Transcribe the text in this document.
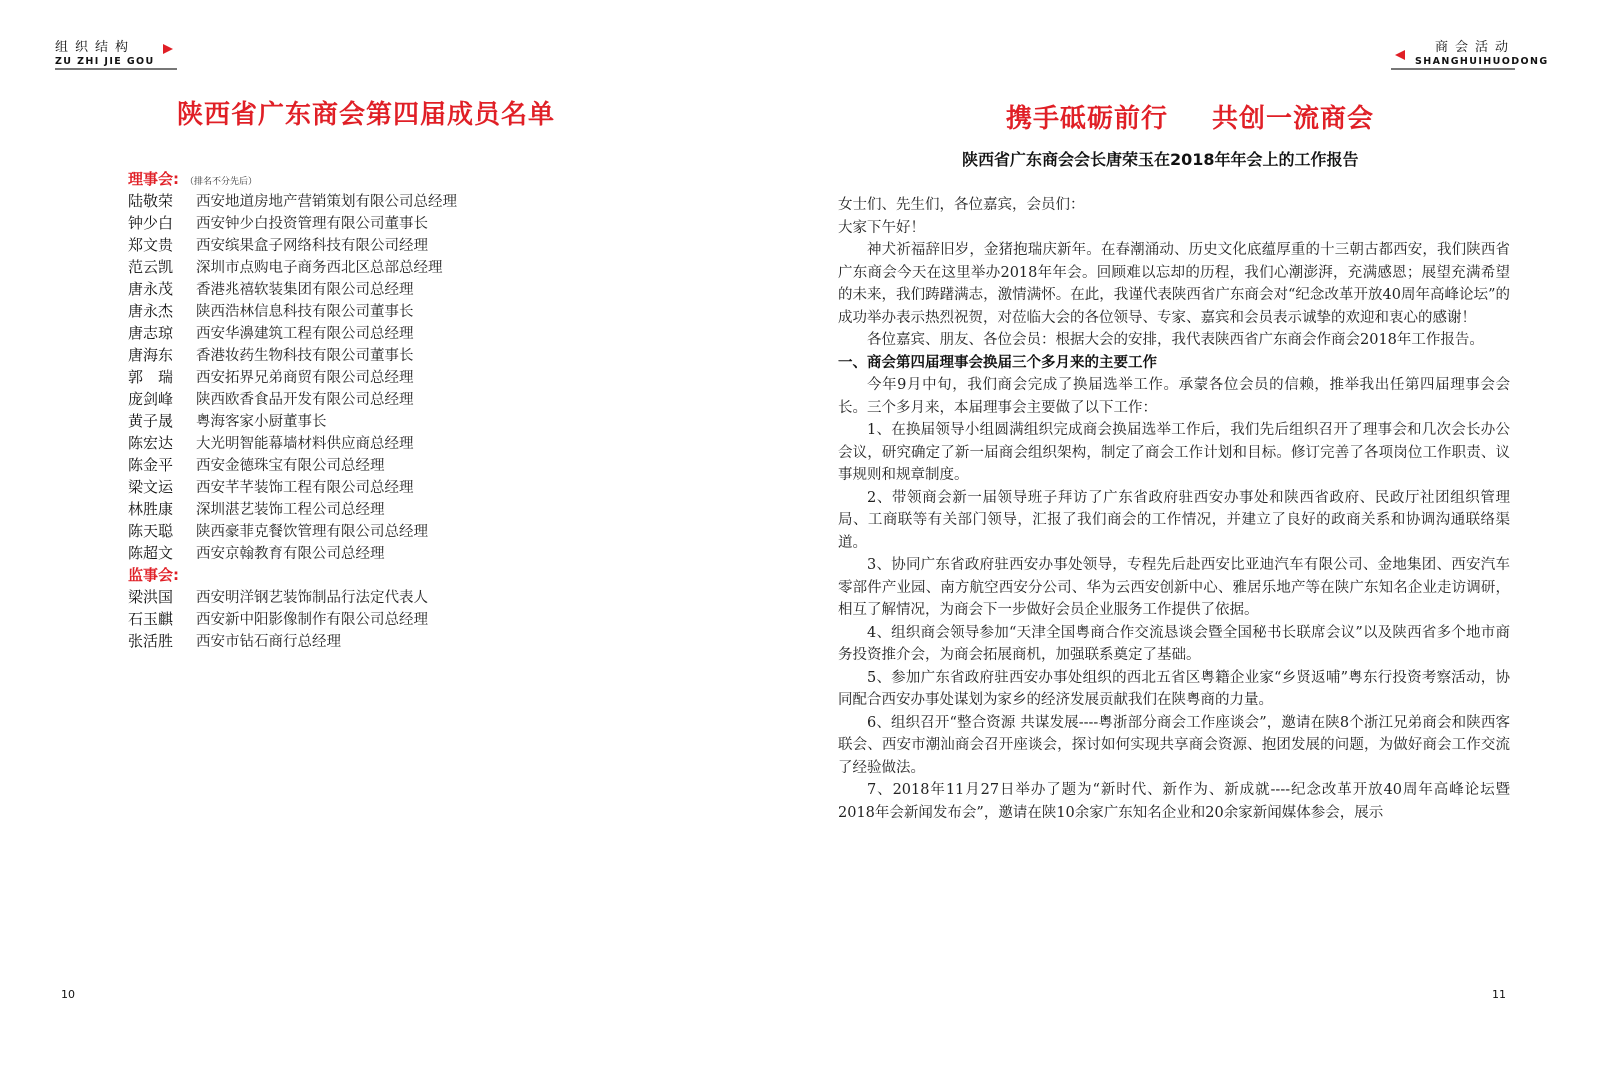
组织结构
ZU ZHI JIE GOU
陕西省广东商会第四届成员名单
理事会: （排名不分先后）
陆敬荣 西安地道房地产营销策划有限公司总经理
钟少白 西安钟少白投资管理有限公司董事长
郑文贵 西安缤果盒子网络科技有限公司经理
范云凯 深圳市点购电子商务西北区总部总经理
唐永茂 香港兆禧软装集团有限公司总经理
唐永杰 陕西浩林信息科技有限公司董事长
唐志琼 西安华濞建筑工程有限公司总经理
唐海东 香港妆药生物科技有限公司董事长
郭　瑞 西安拓界兄弟商贸有限公司总经理
庞剑峰 陕西欧香食品开发有限公司总经理
黄子晟 粤海客家小厨董事长
陈宏达 大光明智能幕墙材料供应商总经理
陈金平 西安金德珠宝有限公司总经理
梁文运 西安芊芊装饰工程有限公司总经理
林胜康 深圳湛艺装饰工程公司总经理
陈天聪 陕西豪菲克餐饮管理有限公司总经理
陈超文 西安京翰教育有限公司总经理
监事会:
梁洪国 西安明洋钢艺装饰制品行法定代表人
石玉麒 西安新中阳影像制作有限公司总经理
张活胜 西安市钻石商行总经理
10
商会活动
SHANGHUIHUODONG
携手砥砺前行 共创一流商会
陕西省广东商会会长唐荣玉在2018年年会上的工作报告

女士们、先生们，各位嘉宾，会员们：

大家下午好！

神犬祈福辞旧岁，金猪抱瑞庆新年。在春潮涌动、历史文化底蕴厚重的十三朝古都西安，我们陕西省广东商会今天在这里举办2018年年会。回顾难以忘却的历程，我们心潮澎湃，充满感恩；展望充满希望的未来，我们踌躇满志，激情满怀。在此，我谨代表陕西省广东商会对“纪念改革开放40周年高峰论坛”的成功举办表示热烈祝贺，对莅临大会的各位领导、专家、嘉宾和会员表示诚挚的欢迎和衷心的感谢！

各位嘉宾、朋友、各位会员：根据大会的安排，我代表陕西省广东商会作商会2018年工作报告。

一、商会第四届理事会换届三个多月来的主要工作

今年9月中旬，我们商会完成了换届选举工作。承蒙各位会员的信赖，推举我出任第四届理事会会长。三个多月来，本届理事会主要做了以下工作：

1、在换届领导小组圆满组织完成商会换届选举工作后，我们先后组织召开了理事会和几次会长办公会议，研究确定了新一届商会组织架构，制定了商会工作计划和目标。修订完善了各项岗位工作职责、议事规则和规章制度。

2、带领商会新一届领导班子拜访了广东省政府驻西安办事处和陕西省政府、民政厅社团组织管理局、工商联等有关部门领导，汇报了我们商会的工作情况，并建立了良好的政商关系和协调沟通联络渠道。

3、协同广东省政府驻西安办事处领导，专程先后赴西安比亚迪汽车有限公司、金地集团、西安汽车零部件产业园、南方航空西安分公司、华为云西安创新中心、雅居乐地产等在陕广东知名企业走访调研，相互了解情况，为商会下一步做好会员企业服务工作提供了依据。

4、组织商会领导参加“天津全国粤商合作交流恳谈会暨全国秘书长联席会议”以及陕西省多个地市商务投资推介会，为商会拓展商机，加强联系奠定了基础。

5、参加广东省政府驻西安办事处组织的西北五省区粤籍企业家“乡贤返哺”粤东行投资考察活动，协同配合西安办事处谋划为家乡的经济发展贡献我们在陕粤商的力量。

6、组织召开“整合资源 共谋发展----粤浙部分商会工作座谈会”，邀请在陕8个浙江兄弟商会和陕西客联会、西安市潮汕商会召开座谈会，探讨如何实现共享商会资源、抱团发展的问题，为做好商会工作交流了经验做法。

7、2018年11月27日举办了题为“新时代、新作为、新成就----纪念改革开放40周年高峰论坛暨2018年会新闻发布会”，邀请在陕10余家广东知名企业和20余家新闻媒体参会，展示

11
